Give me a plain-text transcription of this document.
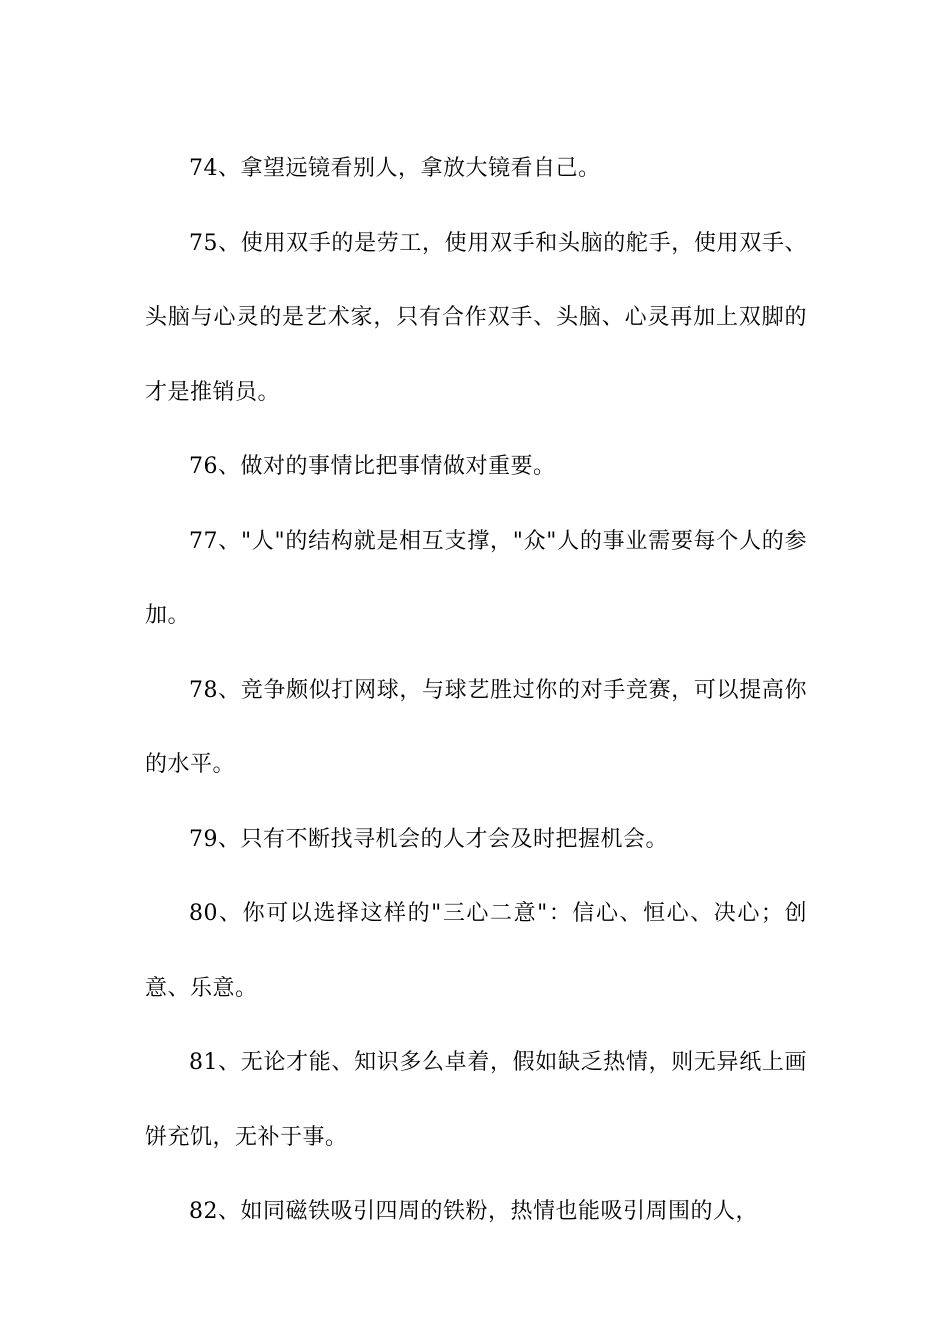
74、拿望远镜看别人，拿放大镜看自己。

75、使用双手的是劳工，使用双手和头脑的舵手，使用双手、头脑与心灵的是艺术家，只有合作双手、头脑、心灵再加上双脚的才是推销员。

76、做对的事情比把事情做对重要。

77、"人"的结构就是相互支撑，"众"人的事业需要每个人的参加。

78、竞争颇似打网球，与球艺胜过你的对手竞赛，可以提高你的水平。

79、只有不断找寻机会的人才会及时把握机会。

80、你可以选择这样的"三心二意"：信心、恒心、决心；创意、乐意。

81、无论才能、知识多么卓着，假如缺乏热情，则无异纸上画饼充饥，无补于事。

82、如同磁铁吸引四周的铁粉，热情也能吸引周围的人，
